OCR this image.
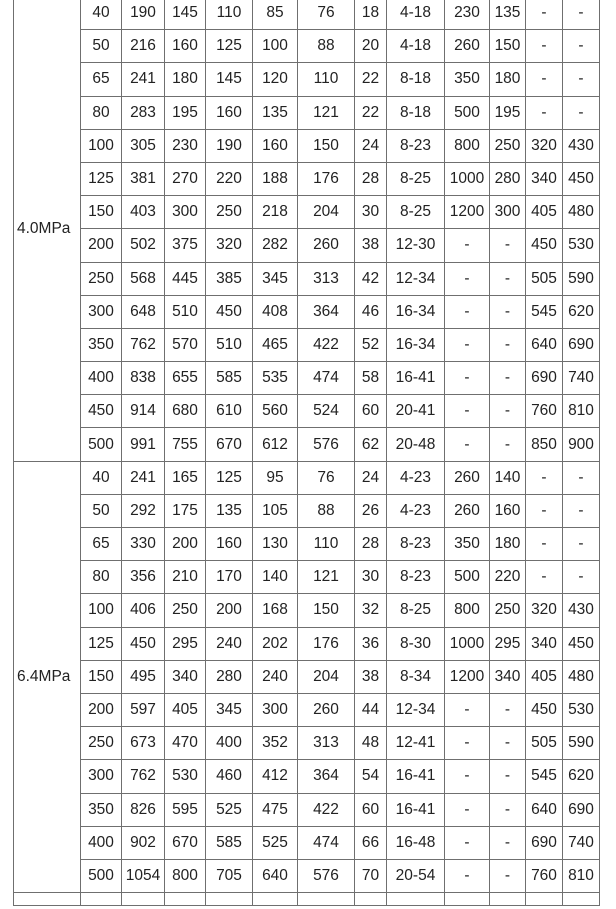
4.0MPa	40	190	145	110	85	76	18	4-18	230	135	-	-
	50	216	160	125	100	88	20	4-18	260	150	-	-
	65	241	180	145	120	110	22	8-18	350	180	-	-
	80	283	195	160	135	121	22	8-18	500	195	-	-
	100	305	230	190	160	150	24	8-23	800	250	320	430
	125	381	270	220	188	176	28	8-25	1000	280	340	450
	150	403	300	250	218	204	30	8-25	1200	300	405	480
	200	502	375	320	282	260	38	12-30	-	-	450	530
	250	568	445	385	345	313	42	12-34	-	-	505	590
	300	648	510	450	408	364	46	16-34	-	-	545	620
	350	762	570	510	465	422	52	16-34	-	-	640	690
	400	838	655	585	535	474	58	16-41	-	-	690	740
	450	914	680	610	560	524	60	20-41	-	-	760	810
	500	991	755	670	612	576	62	20-48	-	-	850	900
6.4MPa	40	241	165	125	95	76	24	4-23	260	140	-	-
	50	292	175	135	105	88	26	4-23	260	160	-	-
	65	330	200	160	130	110	28	8-23	350	180	-	-
	80	356	210	170	140	121	30	8-23	500	220	-	-
	100	406	250	200	168	150	32	8-25	800	250	320	430
	125	450	295	240	202	176	36	8-30	1000	295	340	450
	150	495	340	280	240	204	38	8-34	1200	340	405	480
	200	597	405	345	300	260	44	12-34	-	-	450	530
	250	673	470	400	352	313	48	12-41	-	-	505	590
	300	762	530	460	412	364	54	16-41	-	-	545	620
	350	826	595	525	475	422	60	16-41	-	-	640	690
	400	902	670	585	525	474	66	16-48	-	-	690	740
	500	1054	800	705	640	576	70	20-54	-	-	760	810
